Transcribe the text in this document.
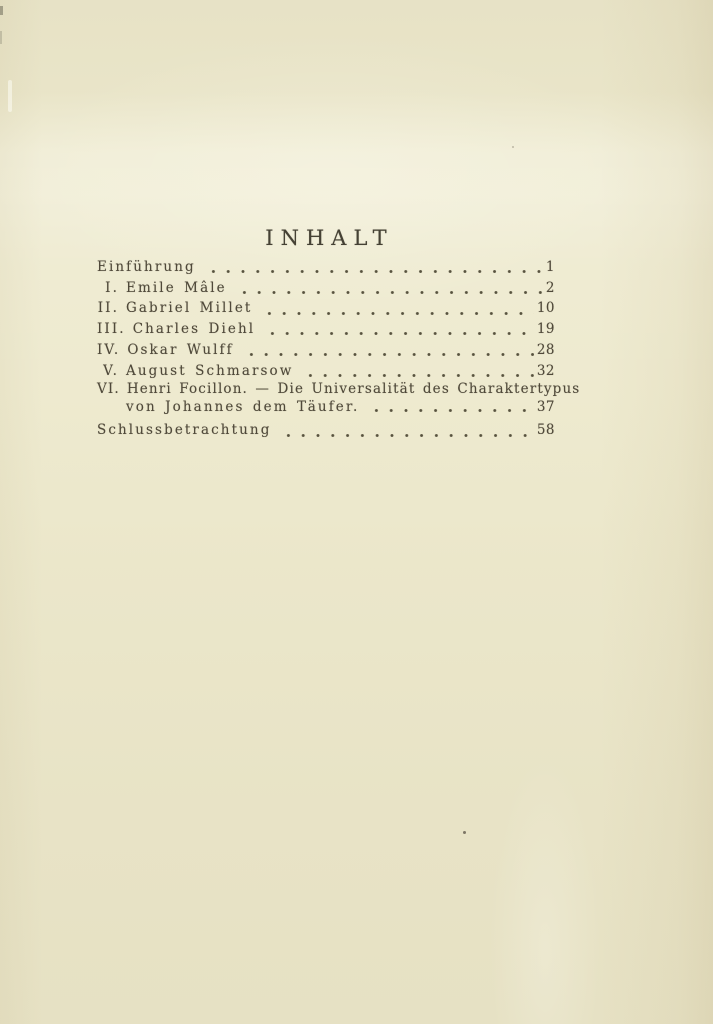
INHALT
Einführung	1
I. Emile Mâle	2
II. Gabriel Millet	10
III. Charles Diehl	19
IV. Oskar Wulff	28
V. August Schmarsow	32
VI. Henri Focillon. — Die Universalität des Charaktertypus
von Johannes dem Täufer.	37
Schlussbetrachtung	58
